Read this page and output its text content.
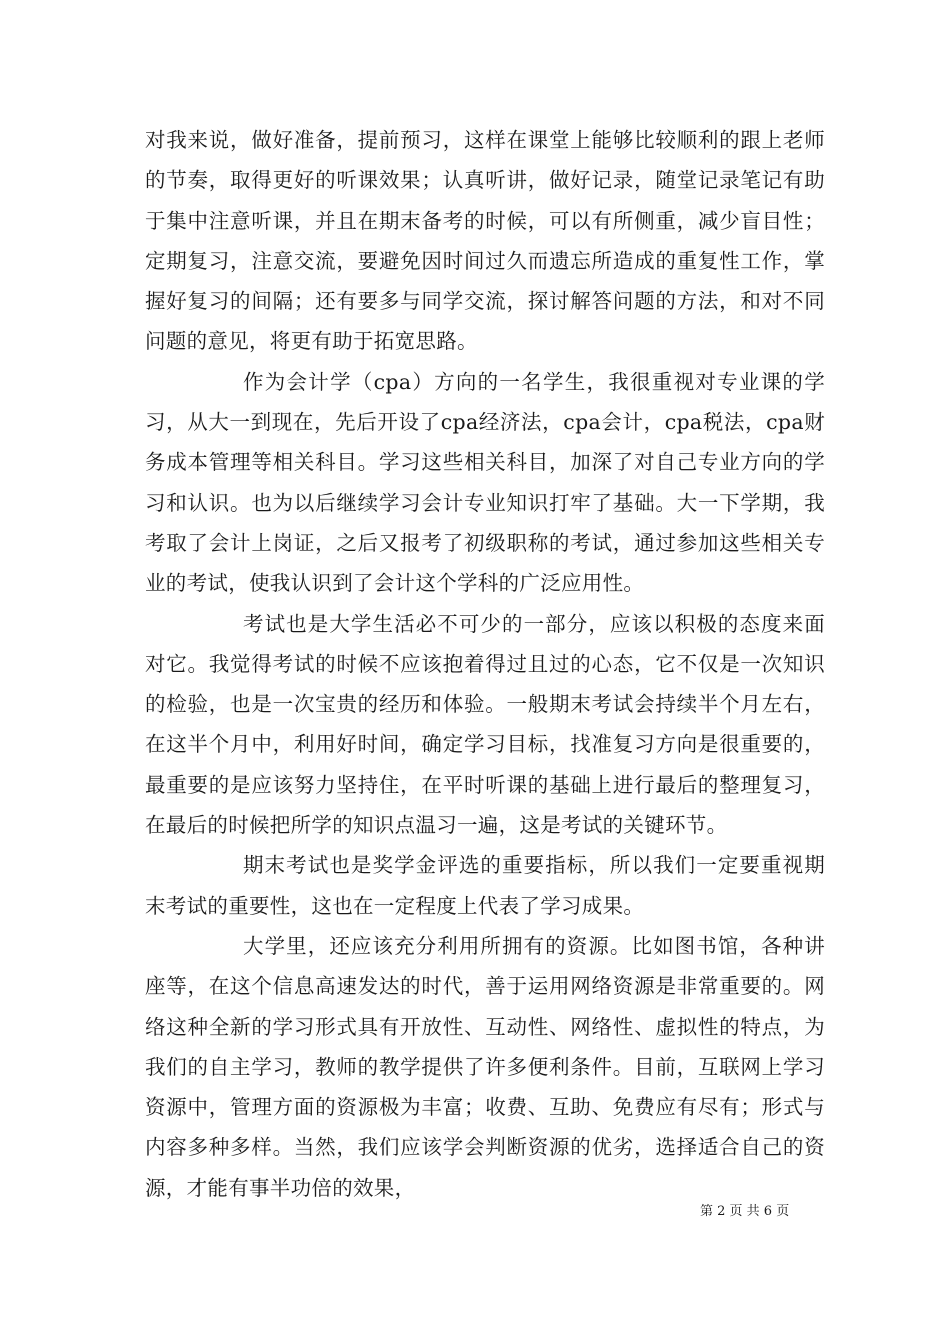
对我来说，做好准备，提前预习，这样在课堂上能够比较顺利的跟上老师的节奏，取得更好的听课效果；认真听讲，做好记录，随堂记录笔记有助于集中注意听课，并且在期末备考的时候，可以有所侧重，减少盲目性；定期复习，注意交流，要避免因时间过久而遗忘所造成的重复性工作，掌握好复习的间隔；还有要多与同学交流，探讨解答问题的方法，和对不同问题的意见，将更有助于拓宽思路。

作为会计学（cpa）方向的一名学生，我很重视对专业课的学习，从大一到现在，先后开设了cpa经济法，cpa会计，cpa税法，cpa财务成本管理等相关科目。学习这些相关科目，加深了对自己专业方向的学习和认识。也为以后继续学习会计专业知识打牢了基础。大一下学期，我考取了会计上岗证，之后又报考了初级职称的考试，通过参加这些相关专业的考试，使我认识到了会计这个学科的广泛应用性。

考试也是大学生活必不可少的一部分，应该以积极的态度来面对它。我觉得考试的时候不应该抱着得过且过的心态，它不仅是一次知识的检验，也是一次宝贵的经历和体验。一般期末考试会持续半个月左右，在这半个月中，利用好时间，确定学习目标，找准复习方向是很重要的，最重要的是应该努力坚持住，在平时听课的基础上进行最后的整理复习，在最后的时候把所学的知识点温习一遍，这是考试的关键环节。

期末考试也是奖学金评选的重要指标，所以我们一定要重视期末考试的重要性，这也在一定程度上代表了学习成果。

大学里，还应该充分利用所拥有的资源。比如图书馆，各种讲座等，在这个信息高速发达的时代，善于运用网络资源是非常重要的。网络这种全新的学习形式具有开放性、互动性、网络性、虚拟性的特点，为我们的自主学习，教师的教学提供了许多便利条件。目前，互联网上学习资源中，管理方面的资源极为丰富；收费、互助、免费应有尽有；形式与内容多种多样。当然，我们应该学会判断资源的优劣，选择适合自己的资源，才能有事半功倍的效果，

第 2 页 共 6 页
